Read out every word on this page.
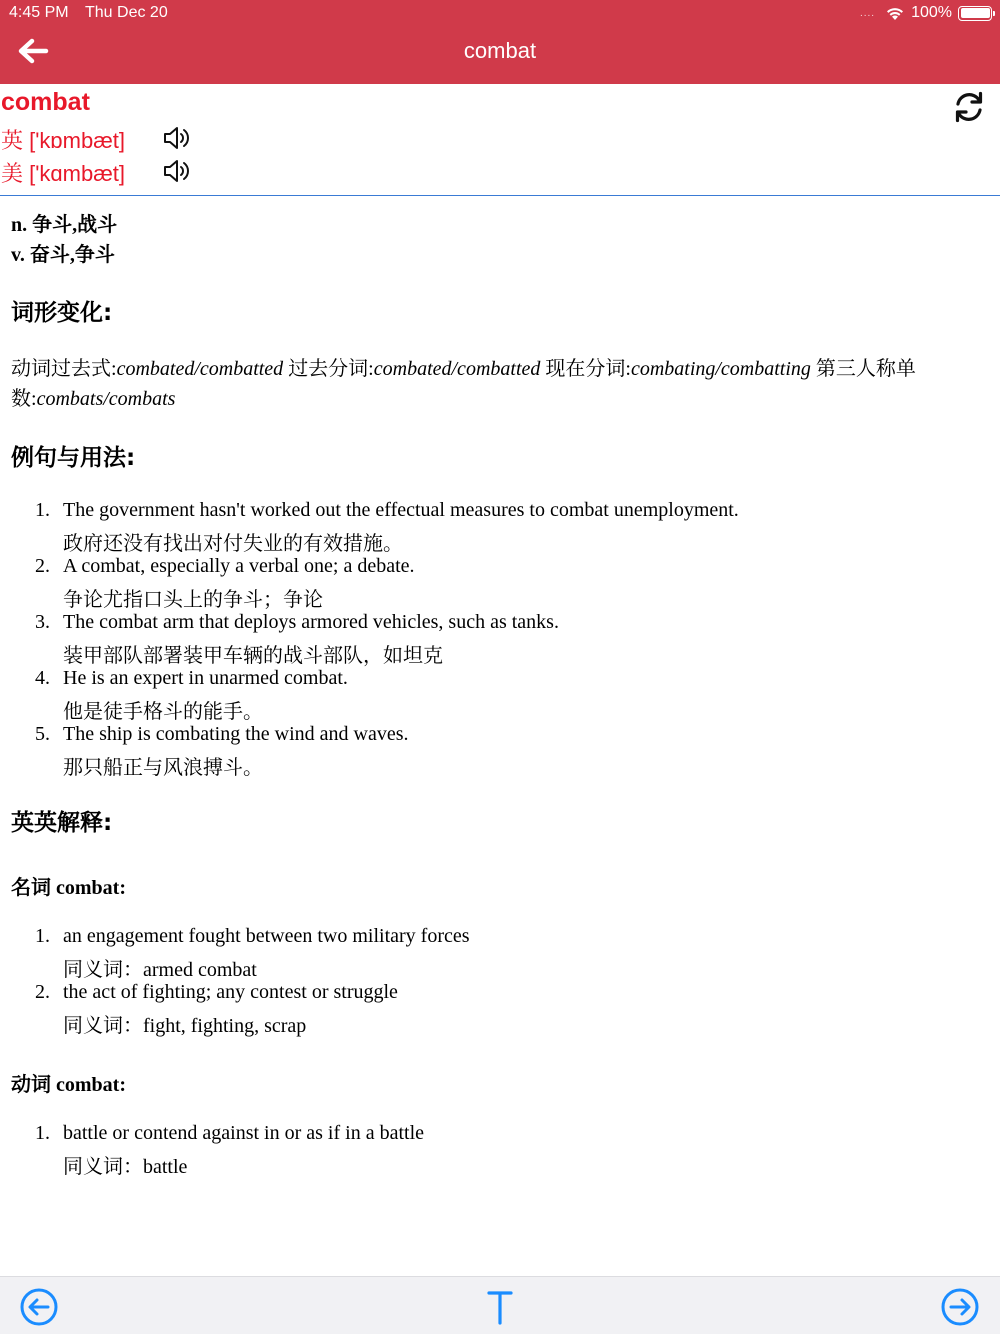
4:45 PM Thu Dec 20	.... 100%
combat
combat
英 ['kɒmbæt]
美 ['kɑmbæt]
n. 争斗,战斗
v. 奋斗,争斗
词形变化:
动词过去式:combated/combatted 过去分词:combated/combatted 现在分词:combating/combatting 第三人称单数:combats/combats
例句与用法:
1. The government hasn't worked out the effectual measures to combat unemployment.
政府还没有找出对付失业的有效措施。
2. A combat, especially a verbal one; a debate.
争论尤指口头上的争斗；争论
3. The combat arm that deploys armored vehicles, such as tanks.
装甲部队部署装甲车辆的战斗部队，如坦克
4. He is an expert in unarmed combat.
他是徒手格斗的能手。
5. The ship is combating the wind and waves.
那只船正与风浪搏斗。
英英解释:
名词 combat:
1. an engagement fought between two military forces
同义词：armed combat
2. the act of fighting; any contest or struggle
同义词：fight, fighting, scrap
动词 combat:
1. battle or contend against in or as if in a battle
同义词：battle
